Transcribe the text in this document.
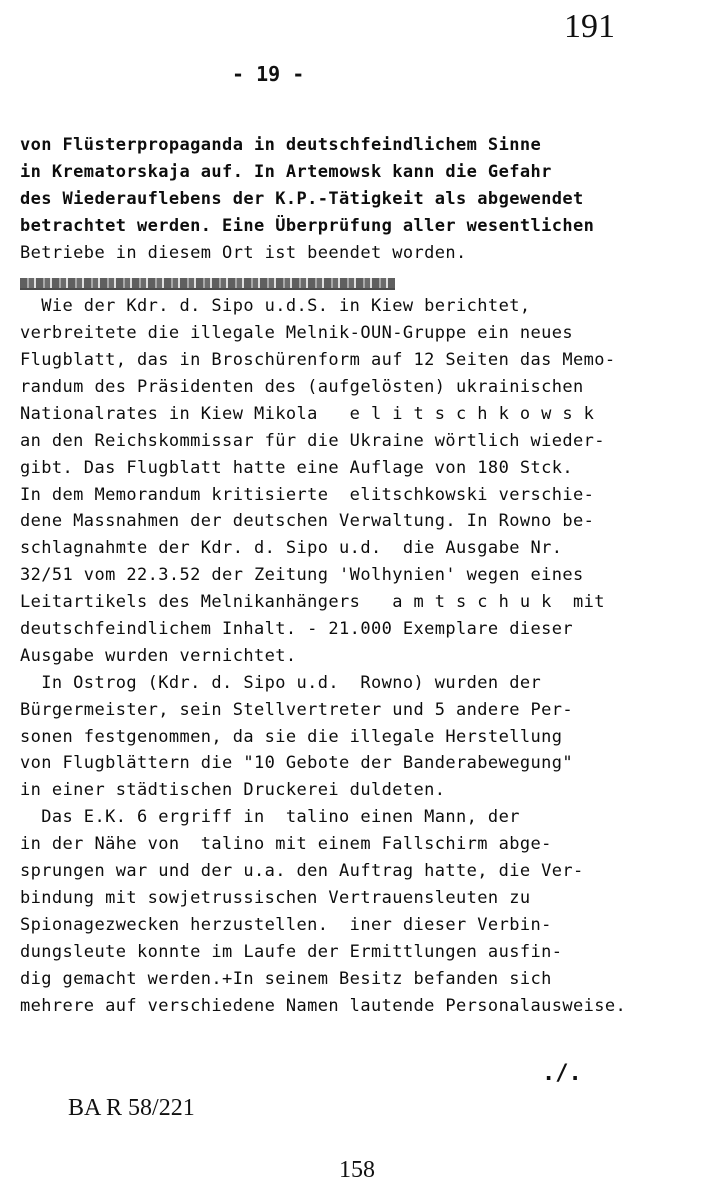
191
- 19 -
von Flüsterpropaganda in deutschfeindlichem Sinne
in Krematorskaja auf. In Artemowsk kann die Gefahr
des Wiederauflebens der K.P.-Tätigkeit als abgewendet
betrachtet werden. Eine Überprüfung aller wesentlichen
Betriebe in diesem Ort ist beendet worden.

Wie der Kdr. d. Sipo u.d.S. in Kiew berichtet,
verbreitete die illegale Melnik-OUN-Gruppe ein neues
Flugblatt, das in Broschürenform auf 12 Seiten das Memo-
randum des Präsidenten des (aufgelösten) ukrainischen
Nationalrates in Kiew Mikola   e l i t s c h k o w s k
an den Reichskommissar für die Ukraine wörtlich wieder-
gibt. Das Flugblatt hatte eine Auflage von 180 Stck.
In dem Memorandum kritisierte  elitschkowski verschie-
dene Massnahmen der deutschen Verwaltung. In Rowno be-
schlagnahmte der Kdr. d. Sipo u.d.  die Ausgabe Nr.
32/51 vom 22.3.52 der Zeitung 'Wolhynien' wegen eines
Leitartikels des Melnikanhängers   a m t s c h u k  mit
deutschfeindlichem Inhalt. - 21.000 Exemplare dieser
Ausgabe wurden vernichtet.
In Ostrog (Kdr. d. Sipo u.d.  Rowno) wurden der
Bürgermeister, sein Stellvertreter und 5 andere Per-
sonen festgenommen, da sie die illegale Herstellung
von Flugblättern die "10 Gebote der Banderabewegung"
in einer städtischen Druckerei duldeten.
Das E.K. 6 ergriff in  talino einen Mann, der
in der Nähe von  talino mit einem Fallschirm abge-
sprungen war und der u.a. den Auftrag hatte, die Ver-
bindung mit sowjetrussischen Vertrauensleuten zu
Spionagezwecken herzustellen.  iner dieser Verbin-
dungsleute konnte im Laufe der Ermittlungen ausfin-
dig gemacht werden.+In seinem Besitz befanden sich
mehrere auf verschiedene Namen lautende Personalausweise.
./.
BA R 58/221
158
